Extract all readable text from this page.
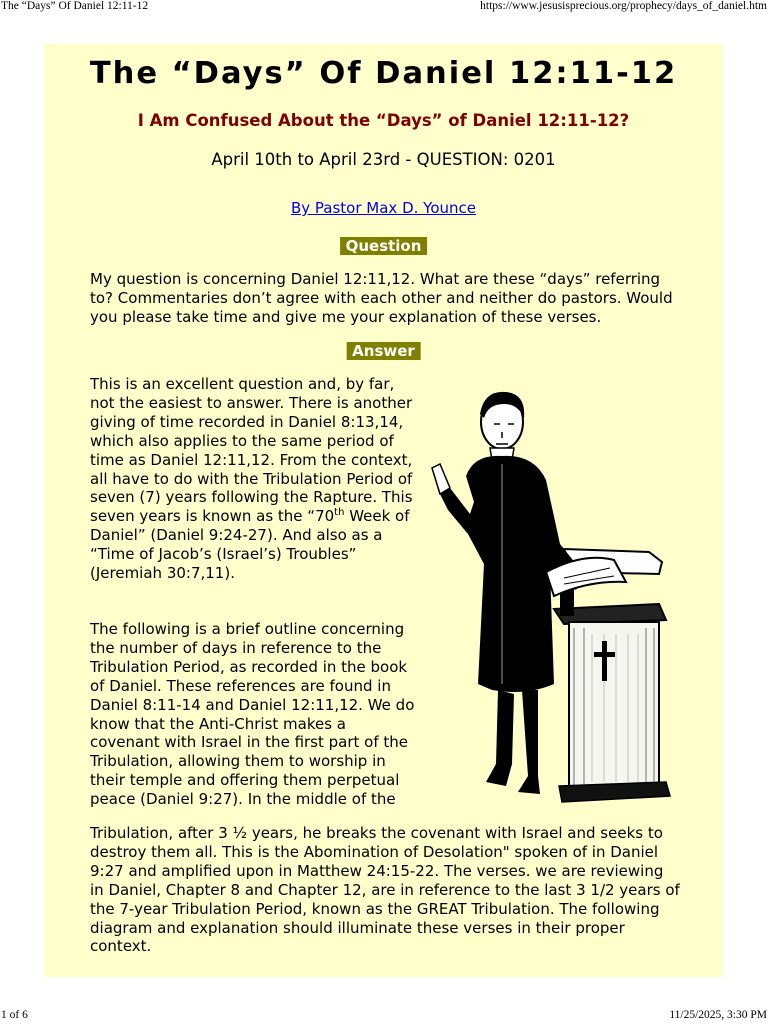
The “Days” Of Daniel 12:11-12	https://www.jesusisprecious.org/prophecy/days_of_daniel.htm
The “Days” Of Daniel 12:11-12
I Am Confused About the “Days” of Daniel 12:11-12?
April 10th to April 23rd - QUESTION: 0201
By Pastor Max D. Younce
Question

My question is concerning Daniel 12:11,12. What are these “days” referring to? Commentaries don’t agree with each other and neither do pastors. Would you please take time and give me your explanation of these verses.

Answer

This is an excellent question and, by far, not the easiest to answer. There is another giving of time recorded in Daniel 8:13,14, which also applies to the same period of time as Daniel 12:11,12. From the context, all have to do with the Tribulation Period of seven (7) years following the Rapture. This seven years is known as the “70th Week of Daniel” (Daniel 9:24-27). And also as a “Time of Jacob’s (Israel’s) Troubles” (Jeremiah 30:7,11).

The following is a brief outline concerning the number of days in reference to the Tribulation Period, as recorded in the book of Daniel. These references are found in Daniel 8:11-14 and Daniel 12:11,12. We do know that the Anti-Christ makes a covenant with Israel in the first part of the Tribulation, allowing them to worship in their temple and offering them perpetual peace (Daniel 9:27). In the middle of the

Tribulation, after 3 ½ years, he breaks the covenant with Israel and seeks to destroy them all. This is the Abomination of Desolation" spoken of in Daniel 9:27 and amplified upon in Matthew 24:15-22. The verses. we are reviewing in Daniel, Chapter 8 and Chapter 12, are in reference to the last 3 1/2 years of the 7-year Tribulation Period, known as the GREAT Tribulation. The following diagram and explanation should illuminate these verses in their proper context.

1 of 6	11/25/2025, 3:30 PM
